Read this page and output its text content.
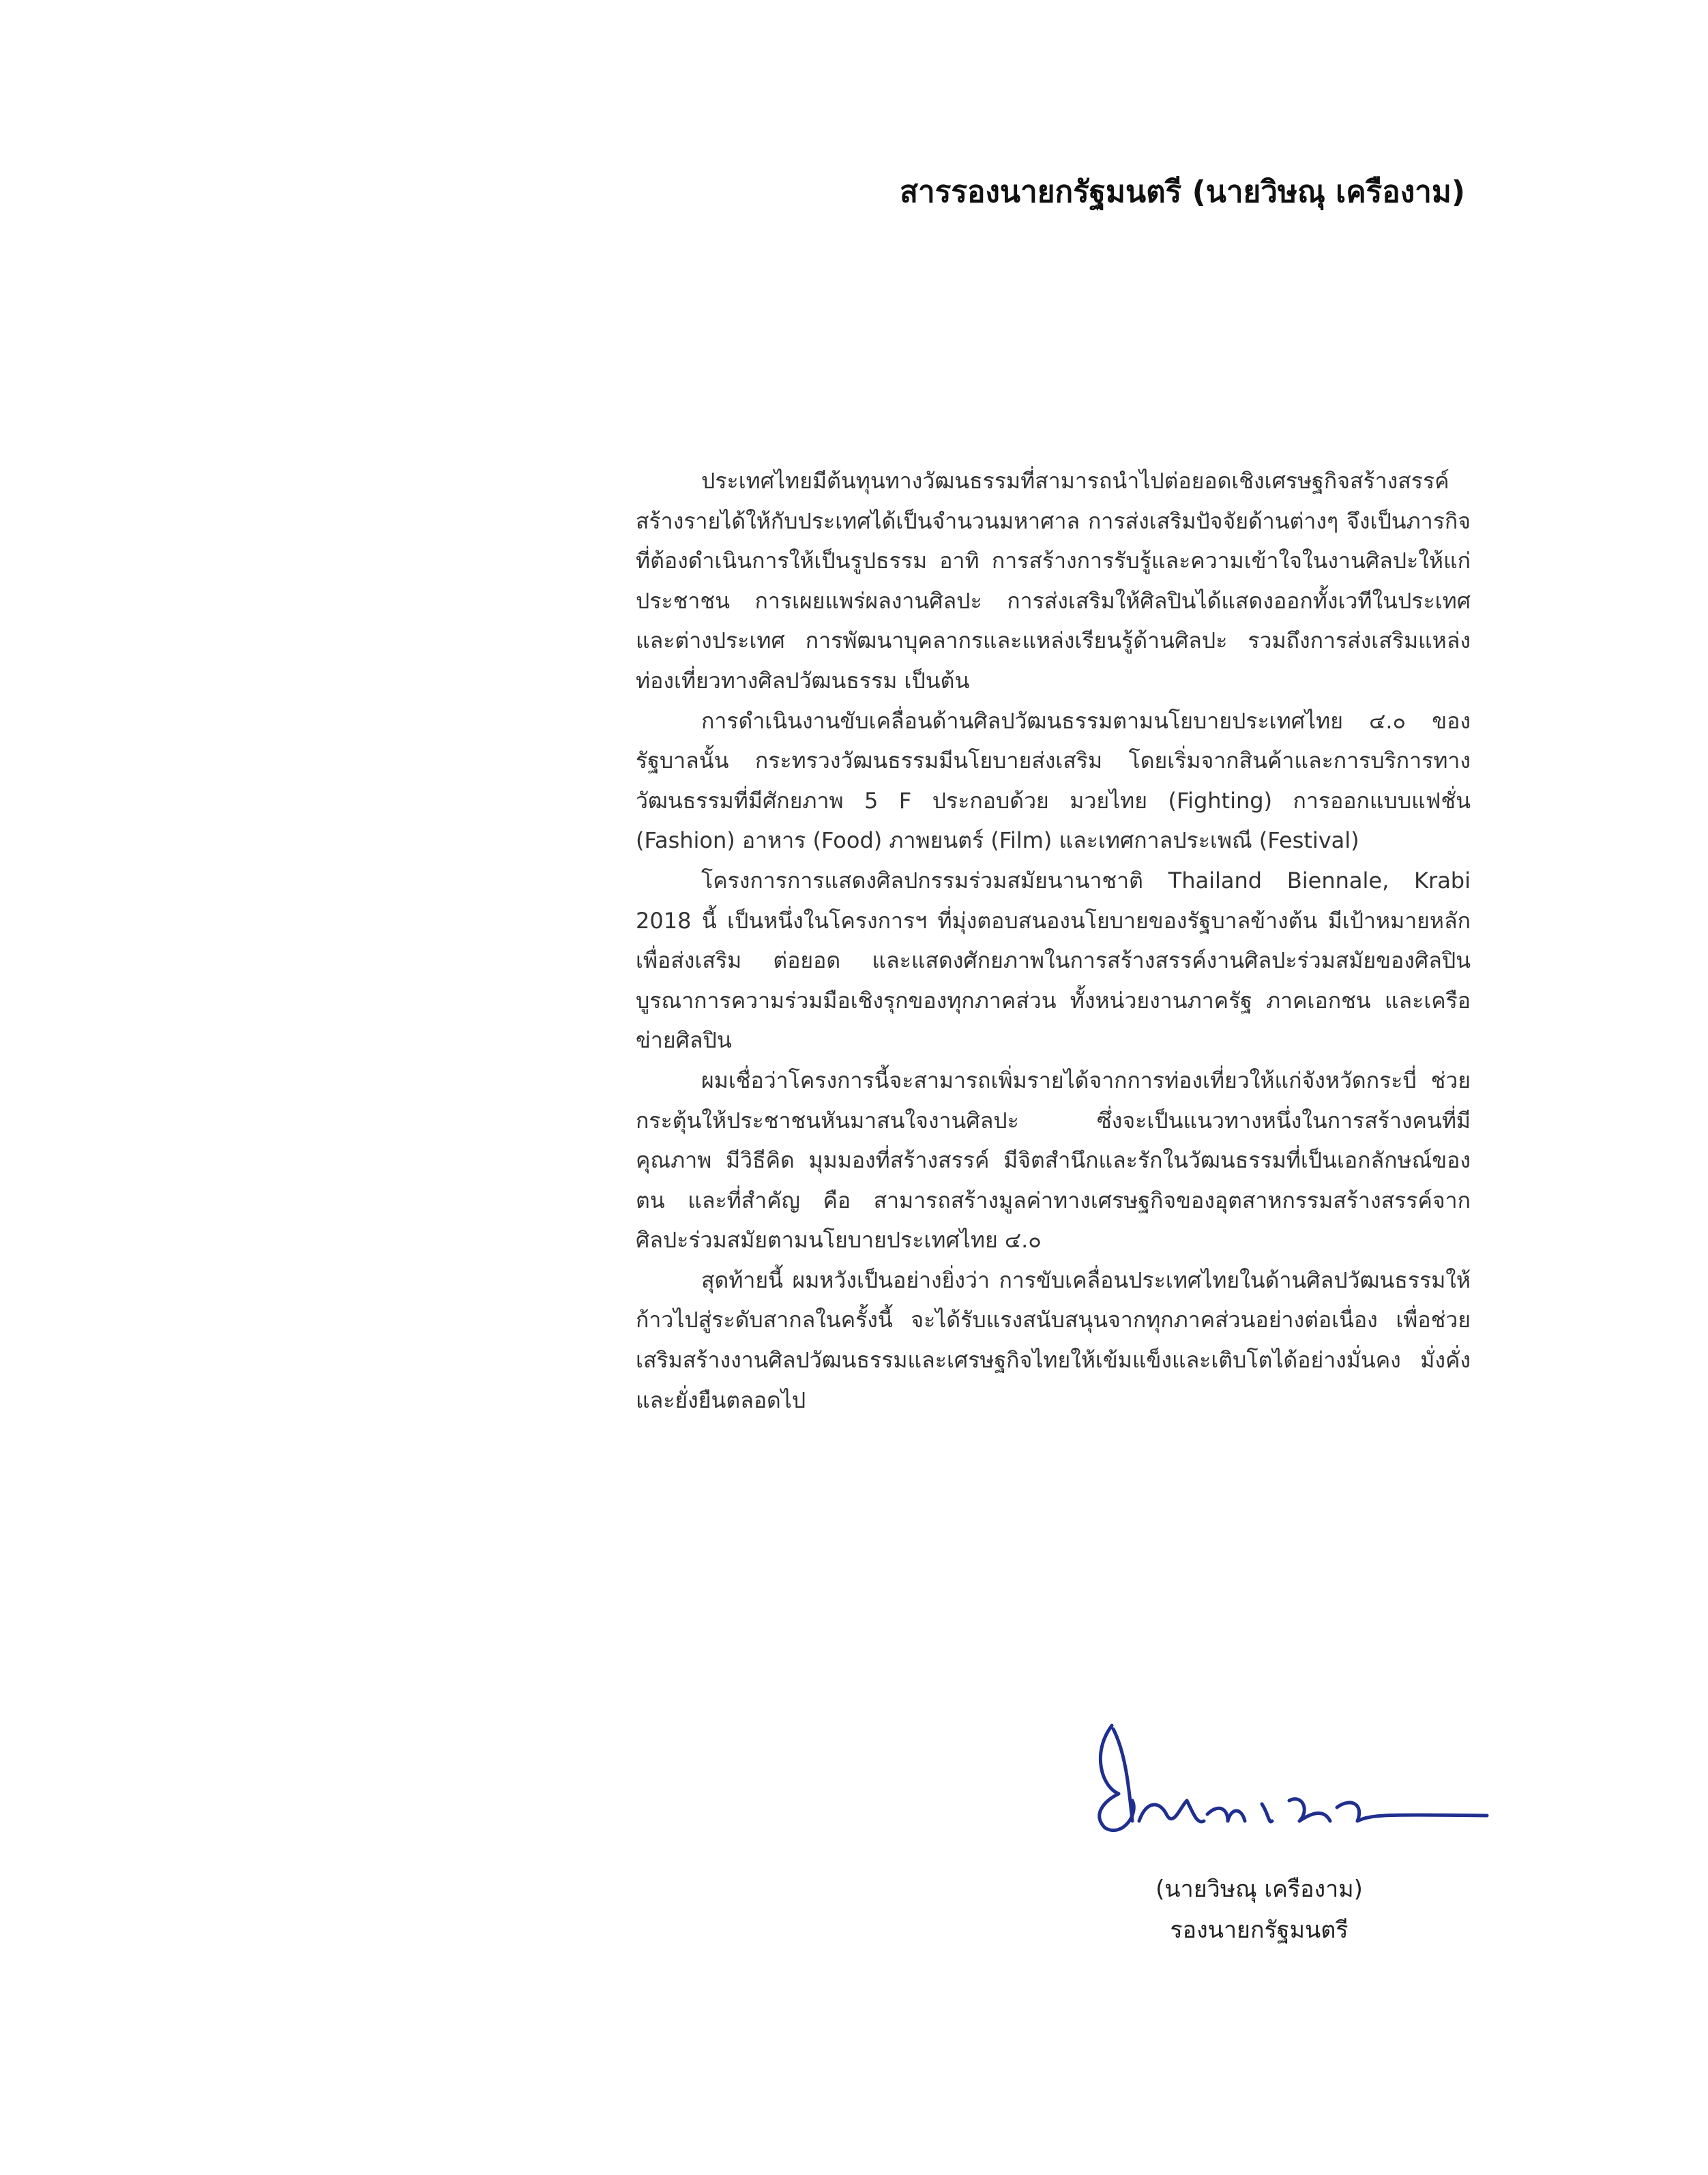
สารรองนายกรัฐมนตรี (นายวิษณุ เครืองาม)

ประเทศไทยมีต้นทุนทางวัฒนธรรมที่สามารถนำไปต่อยอดเชิงเศรษฐกิจสร้างสรรค์ สร้างรายได้ให้กับประเทศได้เป็นจำนวนมหาศาล การส่งเสริมปัจจัยด้านต่างๆ จึงเป็นภารกิจที่ต้องดำเนินการให้เป็นรูปธรรม อาทิ การสร้างการรับรู้และความเข้าใจในงานศิลปะให้แก่ประชาชน การเผยแพร่ผลงานศิลปะ การส่งเสริมให้ศิลปินได้แสดงออกทั้งเวทีในประเทศและต่างประเทศ การพัฒนาบุคลากรและแหล่งเรียนรู้ด้านศิลปะ รวมถึงการส่งเสริมแหล่งท่องเที่ยวทางศิลปวัฒนธรรม เป็นต้น

การดำเนินงานขับเคลื่อนด้านศิลปวัฒนธรรมตามนโยบายประเทศไทย ๔.๐ ของรัฐบาลนั้น กระทรวงวัฒนธรรมมีนโยบายส่งเสริม โดยเริ่มจากสินค้าและการบริการทางวัฒนธรรมที่มีศักยภาพ 5 F ประกอบด้วย มวยไทย (Fighting) การออกแบบแฟชั่น (Fashion) อาหาร (Food) ภาพยนตร์ (Film) และเทศกาลประเพณี (Festival)

โครงการการแสดงศิลปกรรมร่วมสมัยนานาชาติ Thailand Biennale, Krabi 2018 นี้ เป็นหนึ่งในโครงการฯ ที่มุ่งตอบสนองนโยบายของรัฐบาลข้างต้น มีเป้าหมายหลักเพื่อส่งเสริม ต่อยอด และแสดงศักยภาพในการสร้างสรรค์งานศิลปะร่วมสมัยของศิลปิน บูรณาการความร่วมมือเชิงรุกของทุกภาคส่วน ทั้งหน่วยงานภาครัฐ ภาคเอกชน และเครือข่ายศิลปิน

ผมเชื่อว่าโครงการนี้จะสามารถเพิ่มรายได้จากการท่องเที่ยวให้แก่จังหวัดกระบี่ ช่วยกระตุ้นให้ประชาชนหันมาสนใจงานศิลปะ ซึ่งจะเป็นแนวทางหนึ่งในการสร้างคนที่มีคุณภาพ มีวิธีคิด มุมมองที่สร้างสรรค์ มีจิตสำนึกและรักในวัฒนธรรมที่เป็นเอกลักษณ์ของตน และที่สำคัญ คือ สามารถสร้างมูลค่าทางเศรษฐกิจของอุตสาหกรรมสร้างสรรค์จากศิลปะร่วมสมัยตามนโยบายประเทศไทย ๔.๐

สุดท้ายนี้ ผมหวังเป็นอย่างยิ่งว่า การขับเคลื่อนประเทศไทยในด้านศิลปวัฒนธรรมให้ก้าวไปสู่ระดับสากลในครั้งนี้ จะได้รับแรงสนับสนุนจากทุกภาคส่วนอย่างต่อเนื่อง เพื่อช่วยเสริมสร้างงานศิลปวัฒนธรรมและเศรษฐกิจไทยให้เข้มแข็งและเติบโตได้อย่างมั่นคง มั่งคั่ง และยั่งยืนตลอดไป

(นายวิษณุ เครืองาม)
รองนายกรัฐมนตรี
